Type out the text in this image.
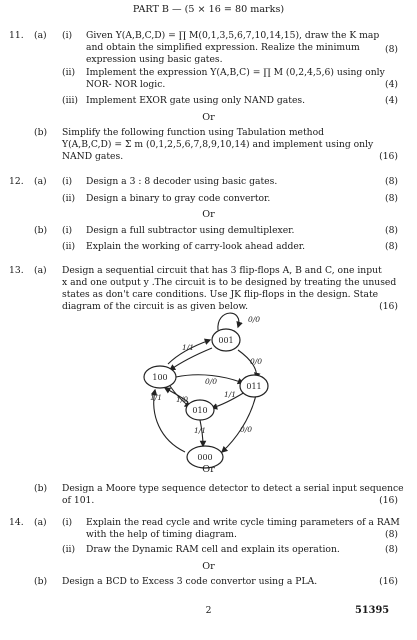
PART B — (5 × 16 = 80 marks)
11. (a) (i) Given Y(A,B,C,D) = ∏ M(0,1,3,5,6,7,10,14,15), draw the K map
and obtain the simplified expression. Realize the minimum
expression using basic gates.
(8)
(ii) Implement the expression Y(A,B,C) = ∏ M (0,2,4,5,6) using only
NOR- NOR logic.	(4)
(iii) Implement EXOR gate using only NAND gates.	(4)
Or
(b) Simplify the following function using Tabulation method
Y(A,B,C,D) = Σ m (0,1,2,5,6,7,8,9,10,14) and implement using only
NAND gates.	(16)
12. (a) (i) Design a 3 : 8 decoder using basic gates.	(8)
(ii) Design a binary to gray code convertor.	(8)
Or
(b) (i) Design a full subtractor using demultiplexer.	(8)
(ii) Explain the working of carry-look ahead adder.	(8)
13. (a) Design a sequential circuit that has 3 flip-flops A, B and C, one input
x and one output y .The circuit is to be designed by treating the unused
states as don't care conditions. Use JK flip-flops in the design. State
diagram of the circuit is as given below.	(16)
001
100
011
010
000
0/0
0/0
1/1
0/0
1/1 1/0
1/1
0/0
1/1
Or
(b) Design a Moore type sequence detector to detect a serial input sequence
of 101.	(16)
14. (a) (i) Explain the read cycle and write cycle timing parameters of a RAM
with the help of timing diagram.	(8)
(ii) Draw the Dynamic RAM cell and explain its operation.	(8)
Or
(b) Design a BCD to Excess 3 code convertor using a PLA.	(16)
2	51395
